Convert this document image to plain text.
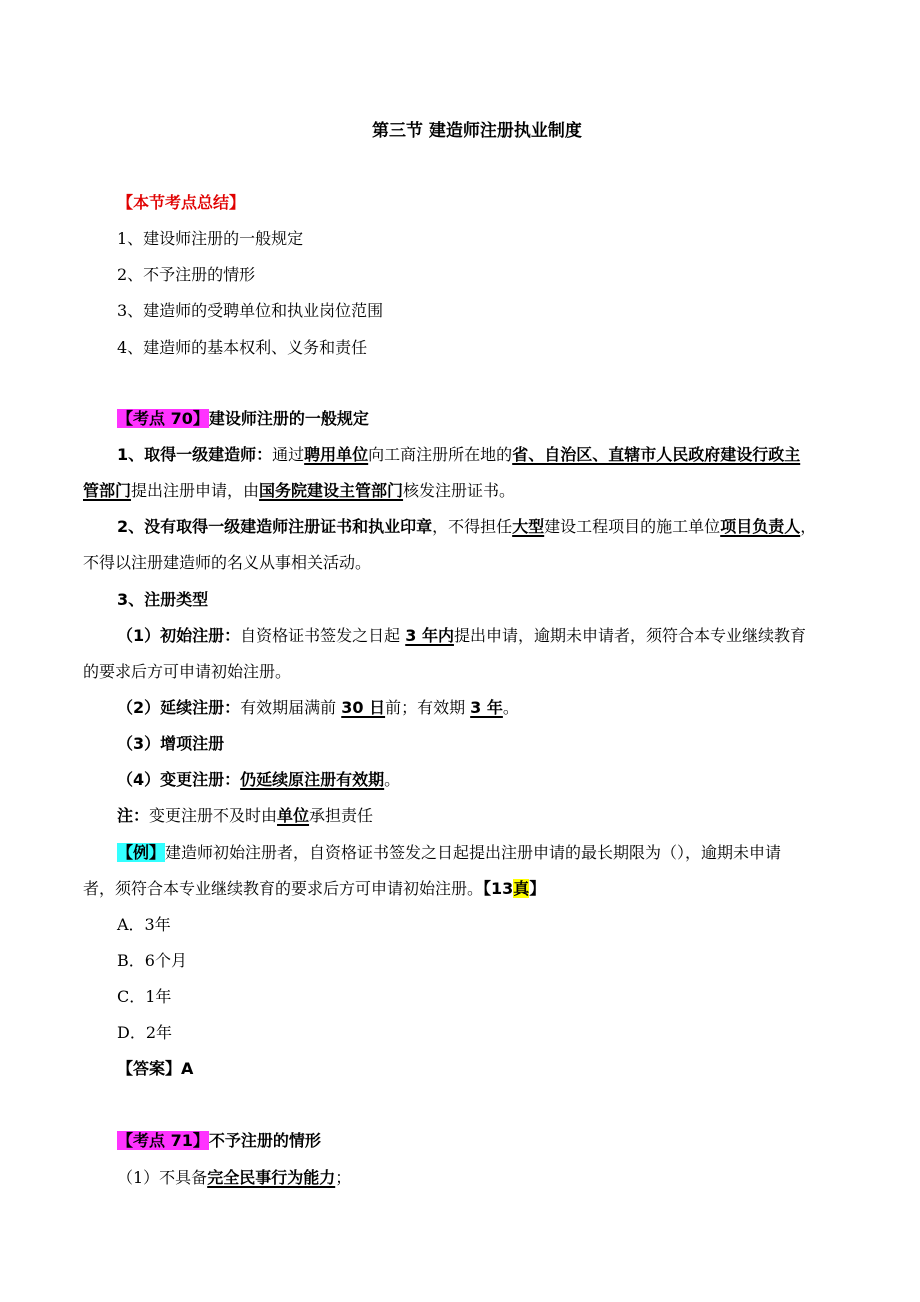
第三节 建造师注册执业制度
【本节考点总结】
1、建设师注册的一般规定
2、不予注册的情形
3、建造师的受聘单位和执业岗位范围
4、建造师的基本权利、义务和责任
【考点 70】建设师注册的一般规定
1、取得一级建造师：通过聘用单位向工商注册所在地的省、自治区、直辖市人民政府建设行政主
管部门提出注册申请，由国务院建设主管部门核发注册证书。
2、没有取得一级建造师注册证书和执业印章，不得担任大型建设工程项目的施工单位项目负责人，
不得以注册建造师的名义从事相关活动。
3、注册类型
（1）初始注册：自资格证书签发之日起 3 年内提出申请，逾期未申请者，须符合本专业继续教育
的要求后方可申请初始注册。
（2）延续注册：有效期届满前 30 日前；有效期 3 年。
（3）增项注册
（4）变更注册：仍延续原注册有效期。
注：变更注册不及时由单位承担责任
【例】建造师初始注册者，自资格证书签发之日起提出注册申请的最长期限为（），逾期未申请
者，须符合本专业继续教育的要求后方可申请初始注册。【13真】
A．3年
B．6个月
C．1年
D．2年
【答案】A
【考点 71】不予注册的情形
（1）不具备完全民事行为能力；
